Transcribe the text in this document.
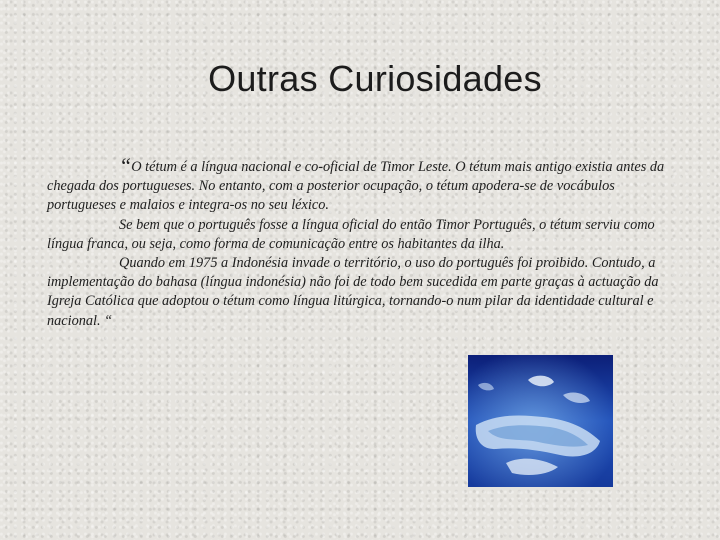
Outras Curiosidades

“O tétum é a língua nacional e co-oficial de Timor Leste. O tétum mais antigo existia antes da chegada dos portugueses. No entanto, com a posterior ocupação, o tétum apodera-se de vocábulos portugueses e malaios e integra-os no seu léxico.

Se bem que o português fosse a língua oficial do então Timor Português, o tétum serviu como língua franca, ou seja, como forma de comunicação entre os habitantes da ilha.

Quando em 1975 a Indonésia invade o território, o uso do português foi proibido. Contudo, a implementação do bahasa (língua indonésia) não foi de todo bem sucedida em parte graças à actuação da Igreja Católica que adoptou o tétum como língua litúrgica, tornando-o num pilar da identidade cultural e nacional. “
